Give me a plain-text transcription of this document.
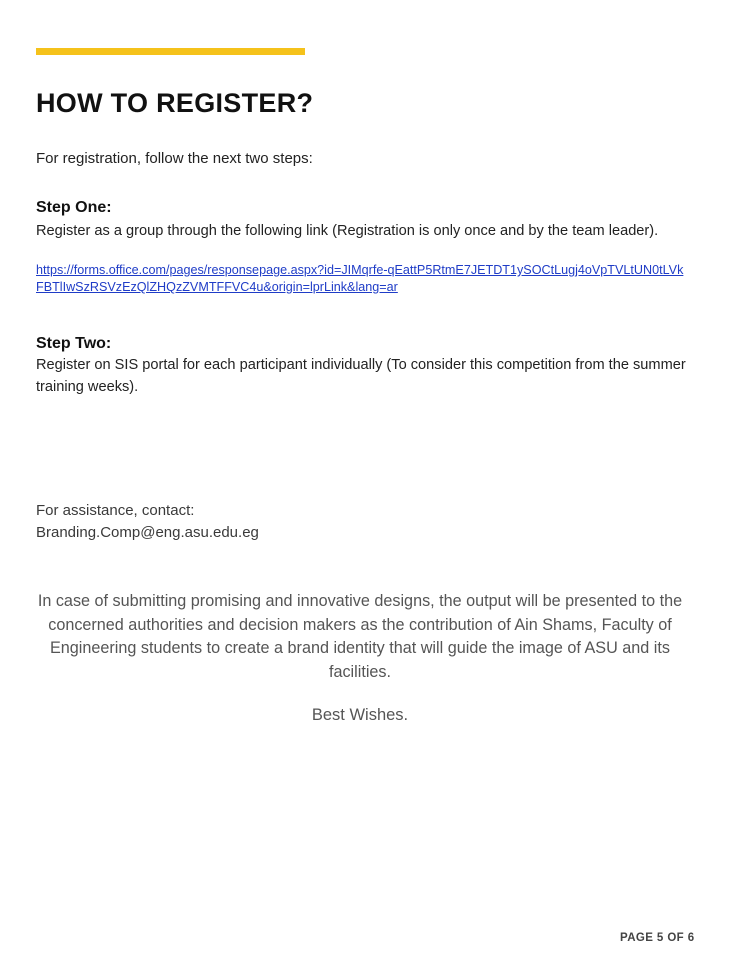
HOW TO REGISTER?

For registration, follow the next two steps:

Step One:

Register as a group through the following link (Registration is only once and by the team leader).

https://forms.office.com/pages/responsepage.aspx?id=JIMqrfe-qEattP5RtmE7JETDT1ySOCtLugj4oVpTVLtUN0tLVkFBTlIwSzRSVzEzQlZHQzZVMTFFVC4u&origin=lprLink&lang=ar
Step Two:

Register on SIS portal for each participant individually (To consider this competition from the summer training weeks).

For assistance, contact:
Branding.Comp@eng.asu.edu.eg

In case of submitting promising and innovative designs, the output will be presented to the concerned authorities and decision makers as the contribution of Ain Shams, Faculty of Engineering students to create a brand identity that will guide the image of ASU and its facilities.

Best Wishes.

PAGE 5 OF 6
